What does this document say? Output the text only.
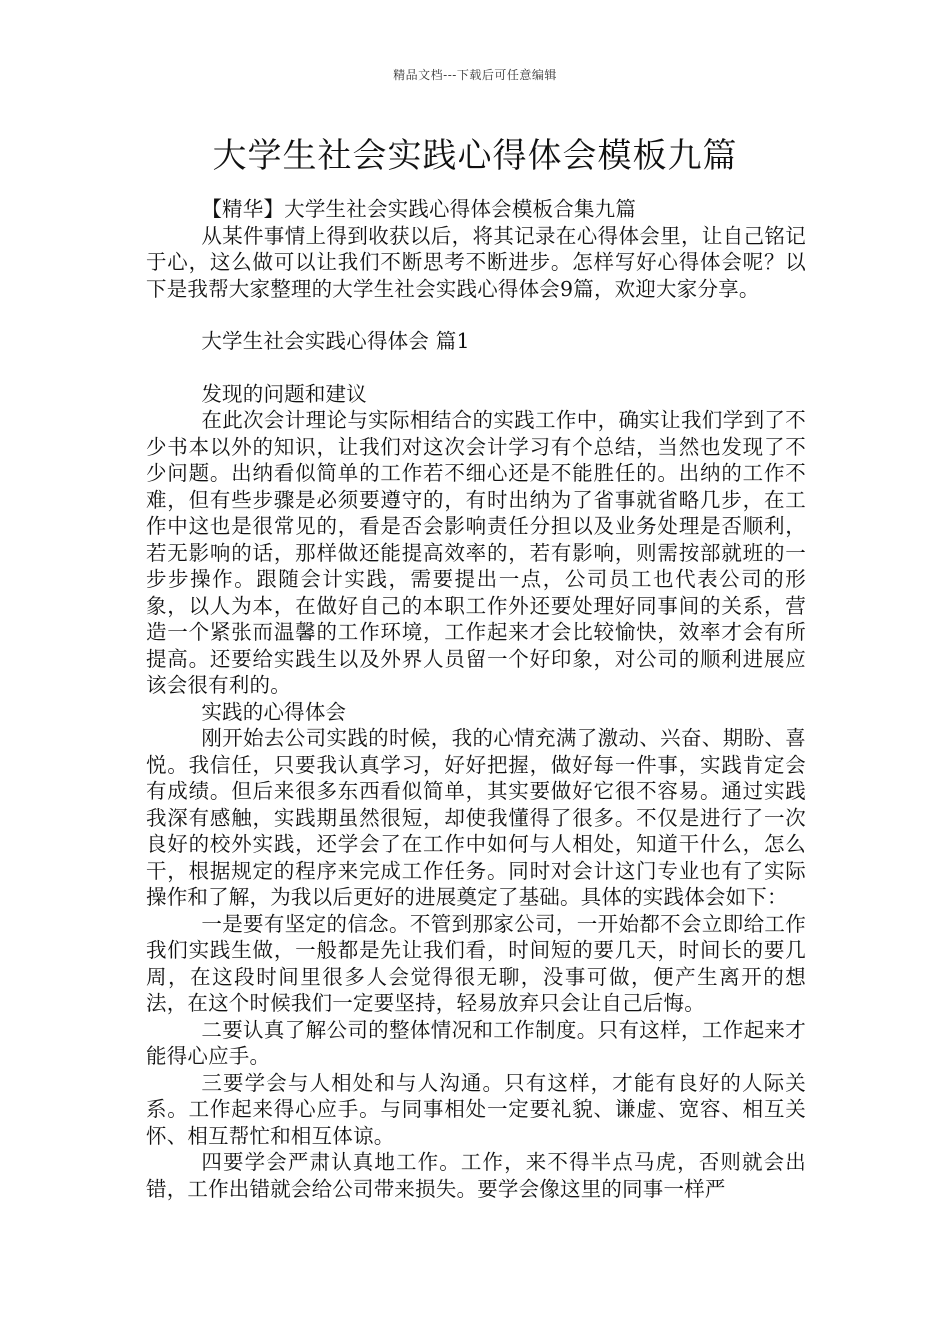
精品文档---下载后可任意编辑
大学生社会实践心得体会模板九篇

【精华】大学生社会实践心得体会模板合集九篇

从某件事情上得到收获以后，将其记录在心得体会里，让自己铭记于心，这么做可以让我们不断思考不断进步。怎样写好心得体会呢？以下是我帮大家整理的大学生社会实践心得体会9篇，欢迎大家分享。

大学生社会实践心得体会 篇1

发现的问题和建议

在此次会计理论与实际相结合的实践工作中，确实让我们学到了不少书本以外的知识，让我们对这次会计学习有个总结，当然也发现了不少问题。出纳看似简单的工作若不细心还是不能胜任的。出纳的工作不难，但有些步骤是必须要遵守的，有时出纳为了省事就省略几步，在工作中这也是很常见的，看是否会影响责任分担以及业务处理是否顺利，若无影响的话，那样做还能提高效率的，若有影响，则需按部就班的一步步操作。跟随会计实践，需要提出一点，公司员工也代表公司的形象，以人为本，在做好自己的本职工作外还要处理好同事间的关系，营造一个紧张而温馨的工作环境，工作起来才会比较愉快，效率才会有所提高。还要给实践生以及外界人员留一个好印象，对公司的顺利进展应该会很有利的。

实践的心得体会

刚开始去公司实践的时候，我的心情充满了激动、兴奋、期盼、喜悦。我信任，只要我认真学习，好好把握，做好每一件事，实践肯定会有成绩。但后来很多东西看似简单，其实要做好它很不容易。通过实践我深有感触，实践期虽然很短，却使我懂得了很多。不仅是进行了一次良好的校外实践，还学会了在工作中如何与人相处，知道干什么，怎么干，根据规定的程序来完成工作任务。同时对会计这门专业也有了实际操作和了解，为我以后更好的进展奠定了基础。具体的实践体会如下：

一是要有坚定的信念。不管到那家公司，一开始都不会立即给工作我们实践生做，一般都是先让我们看，时间短的要几天，时间长的要几周，在这段时间里很多人会觉得很无聊，没事可做，便产生离开的想法，在这个时候我们一定要坚持，轻易放弃只会让自己后悔。

二要认真了解公司的整体情况和工作制度。只有这样，工作起来才能得心应手。

三要学会与人相处和与人沟通。只有这样，才能有良好的人际关系。工作起来得心应手。与同事相处一定要礼貌、谦虚、宽容、相互关怀、相互帮忙和相互体谅。

四要学会严肃认真地工作。工作，来不得半点马虎，否则就会出错，工作出错就会给公司带来损失。要学会像这里的同事一样严
